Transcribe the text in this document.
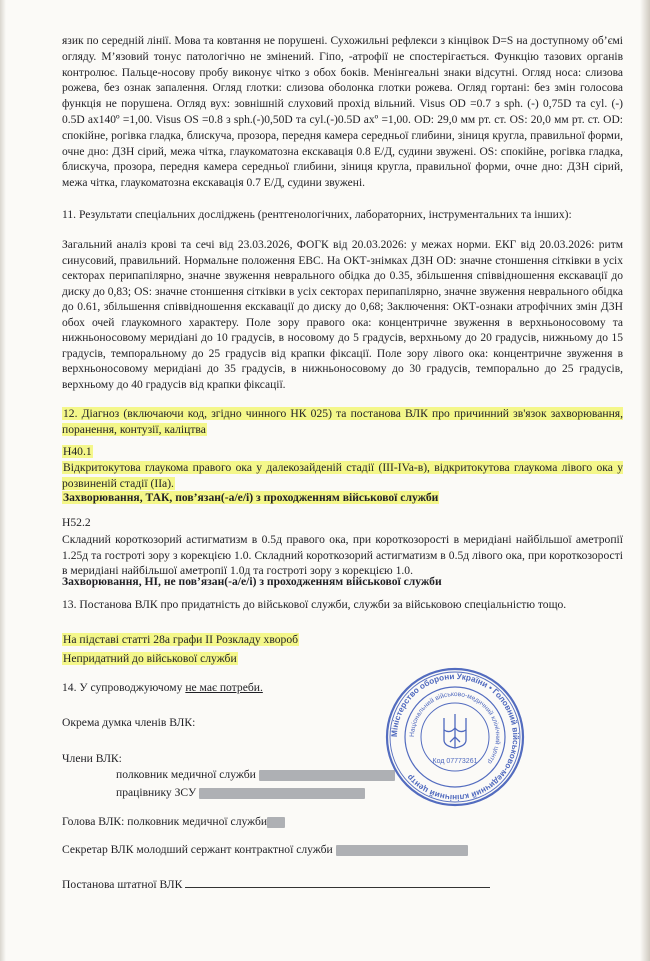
язик по середній лінії. Мова та ковтання не порушені. Сухожильні рефлекси з кінцівок D=S на доступному об’ємі огляду. М’язовий тонус патологічно не змінений. Гіпо, -атрофії не спостерігається. Функцію тазових органів контролює. Пальце-носову пробу виконує чітко з обох боків. Менінгеальні знаки відсутні. Огляд носа: слизова рожева, без ознак запалення. Огляд глотки: слизова оболонка глотки рожева. Огляд гортані: без змін голосова функція не порушена. Огляд вух: зовнішній слуховий прохід вільний. Visus OD =0.7 з sph. (-) 0,75D та cyl. (-) 0.5D ax140º =1,00. Visus OS =0.8 з sph.(-)0,50D та cyl.(-)0.5D axº =1,00. OD: 29,0 мм рт. ст. OS: 20,0 мм рт. ст. OD: спокійне, рогівка гладка, блискуча, прозора, передня камера середньої глибини, зіниця кругла, правильної форми, очне дно: ДЗН сірий, межа чітка, глаукоматозна екскавація 0.8 Е/Д, судини звужені. OS: спокійне, рогівка гладка, блискуча, прозора, передня камера середньої глибини, зіниця кругла, правильної форми, очне дно: ДЗН сірий, межа чітка, глаукоматозна екскавація 0.7 Е/Д, судини звужені.

11. Результати спеціальних досліджень (рентгенологічних, лабораторних, інструментальних та інших):

Загальний аналіз крові та сечі від 23.03.2026, ФОГК від 20.03.2026: у межах норми. ЕКГ від 20.03.2026: ритм синусовий, правильний. Нормальне положення ЕВС. На ОКТ-знімках ДЗН OD: значне стоншення сітківки в усіх секторах перипапілярно, значне звуження неврального обідка до 0.35, збільшення співвідношення екскавації до диску до 0,83; OS: значне стоншення сітківки в усіх секторах перипапілярно, значне звуження неврального обідка до 0.61, збільшення співвідношення екскавації до диску до 0,68; Заключення: ОКТ-ознаки атрофічних змін ДЗН обох очей глаукомного характеру. Поле зору правого ока: концентричне звуження в верхньоносовому та нижньоносовому меридіані до 10 градусів, в носовому до 5 градусів, верхньому до 20 градусів, нижньому до 15 градусів, темпоральному до 25 градусів від крапки фіксації. Поле зору лівого ока: концентричне звуження в верхньоносовому меридіані до 35 градусів, в нижньоносовому до 30 градусів, темпорально до 25 градусів, верхньому до 40 градусів від крапки фіксації.

12. Діагноз (включаючи код, згідно чинного НК 025) та постанова ВЛК про причинний зв'язок захворювання, поранення, контузії, каліцтва

Н40.1

Відкритокутова глаукома правого ока у далекозайденій стадії (ІІІ-IVa-в), відкритокутова глаукома лівого ока у розвиненій стадії (ІІа).

Захворювання, ТАК, пов’язан(-а/е/і) з проходженням військової служби

Н52.2

Складний короткозорий астигматизм в 0.5д правого ока, при короткозорості в меридіані найбільшої аметропії 1.25д та гостроті зору з корекцією 1.0. Складний короткозорий астигматизм в 0.5д лівого ока, при короткозорості в меридіані найбільшої аметропії 1.0д та гостроті зору з корекцією 1.0.

Захворювання, НІ, не пов’язан(-а/е/і) з проходженням військової служби

13. Постанова ВЛК про придатність до військової служби, служби за військовою спеціальністю тощо.

На підставі статті 28а графи ІІ Розкладу хвороб

Непридатний до військової служби

14. У супроводжуючому не має потреби.

Окрема думка членів ВЛК:

Члени ВЛК:

полковник медичної служби

працівнику ЗСУ

Голова ВЛК: полковник медичної служби

Секретар ВЛК молодший сержант контрактної служби

Постанова штатної ВЛК

Міністерство оборони України • Головний військово-медичний клінічний центр
Національний військово-медичний клінічний центр
Код 07773261
